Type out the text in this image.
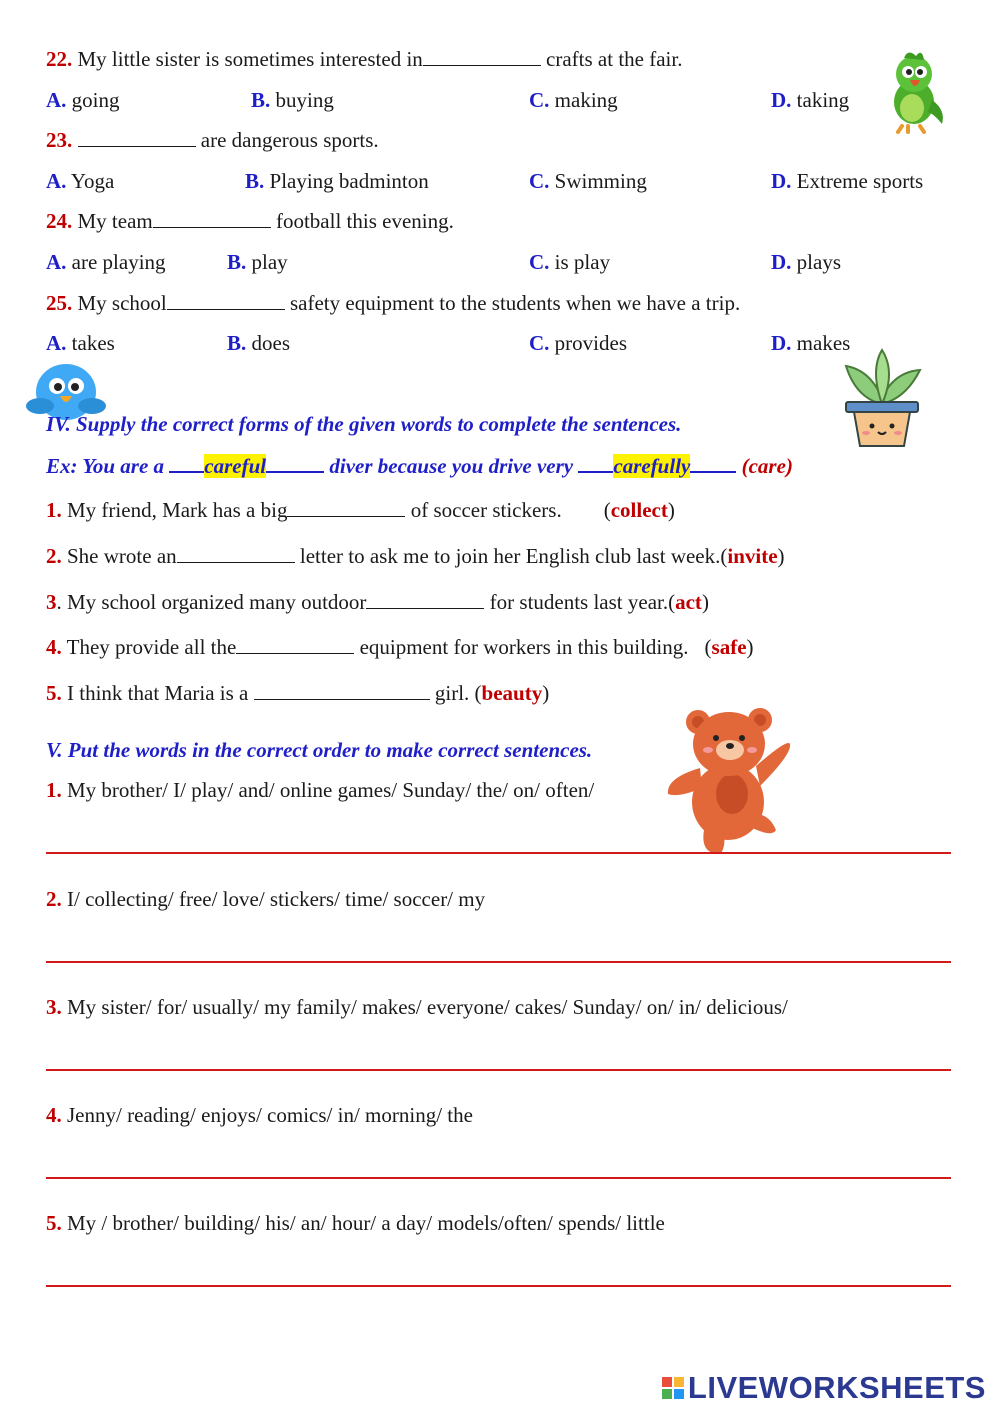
22. My little sister is sometimes interested in	crafts at the fair.
A. going	B. buying	C. making	D. taking
23.	are dangerous sports.
A. Yoga	B. Playing badminton	C. Swimming	D. Extreme sports
24. My team	football this evening.
A. are playing	B. play	C. is play	D. plays
25. My school	safety equipment to the students when we have a trip.
A. takes	B. does	C. provides	D. makes
IV. Supply the correct forms of the given words to complete the sentences.
Ex: You are a careful	diver because you drive very carefully (care)
1. My friend, Mark has a big	of soccer stickers. (collect)
2. She wrote an	letter to ask me to join her English club last week.(invite)
3. My school organized many outdoor	for students last year.(act)
4. They provide all the	equipment for workers in this building. (safe)
5. I think that Maria is a	girl. (beauty)
V. Put the words in the correct order to make correct sentences.
1. My brother/ I/ play/ and/ online games/ Sunday/ the/ on/ often/
2. I/ collecting/ free/ love/ stickers/ time/ soccer/ my
3. My sister/ for/ usually/ my family/ makes/ everyone/ cakes/ Sunday/ on/ in/ delicious/
4. Jenny/ reading/ enjoys/ comics/ in/ morning/ the
5. My / brother/ building/ his/ an/ hour/ a day/ models/often/ spends/ little
LIVEWORKSHEETS
